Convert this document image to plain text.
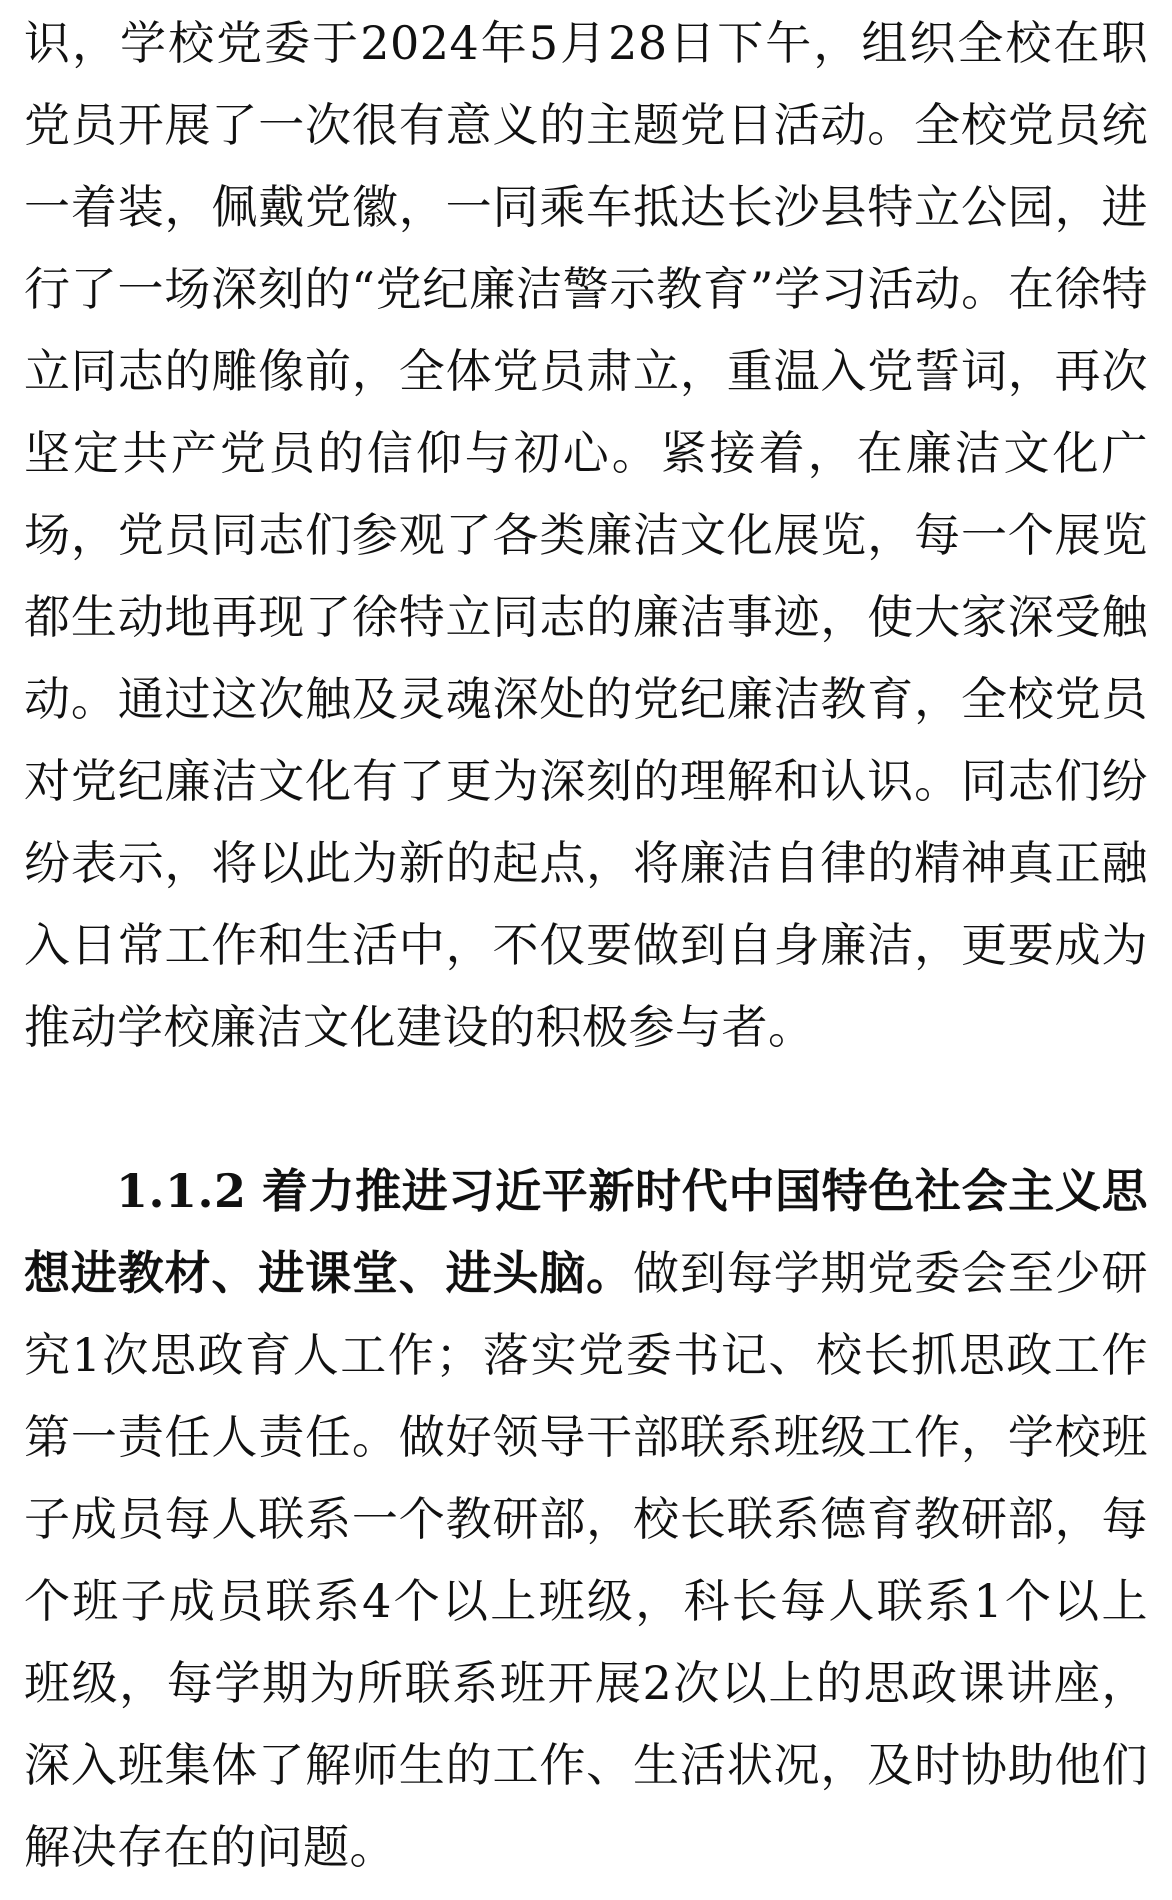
识，学校党委于2024年5月28日下午，组织全校在职党员开展了一次很有意义的主题党日活动。全校党员统一着装，佩戴党徽，一同乘车抵达长沙县特立公园，进行了一场深刻的“党纪廉洁警示教育”学习活动。在徐特立同志的雕像前，全体党员肃立，重温入党誓词，再次坚定共产党员的信仰与初心。紧接着，在廉洁文化广场，党员同志们参观了各类廉洁文化展览，每一个展览都生动地再现了徐特立同志的廉洁事迹，使大家深受触动。通过这次触及灵魂深处的党纪廉洁教育，全校党员对党纪廉洁文化有了更为深刻的理解和认识。同志们纷纷表示，将以此为新的起点，将廉洁自律的精神真正融入日常工作和生活中，不仅要做到自身廉洁，更要成为推动学校廉洁文化建设的积极参与者。

1.1.2 着力推进习近平新时代中国特色社会主义思想进教材、进课堂、进头脑。做到每学期党委会至少研究1次思政育人工作；落实党委书记、校长抓思政工作第一责任人责任。做好领导干部联系班级工作，学校班子成员每人联系一个教研部，校长联系德育教研部，每个班子成员联系4个以上班级，科长每人联系1个以上班级，每学期为所联系班开展2次以上的思政课讲座，深入班集体了解师生的工作、生活状况，及时协助他们解决存在的问题。
